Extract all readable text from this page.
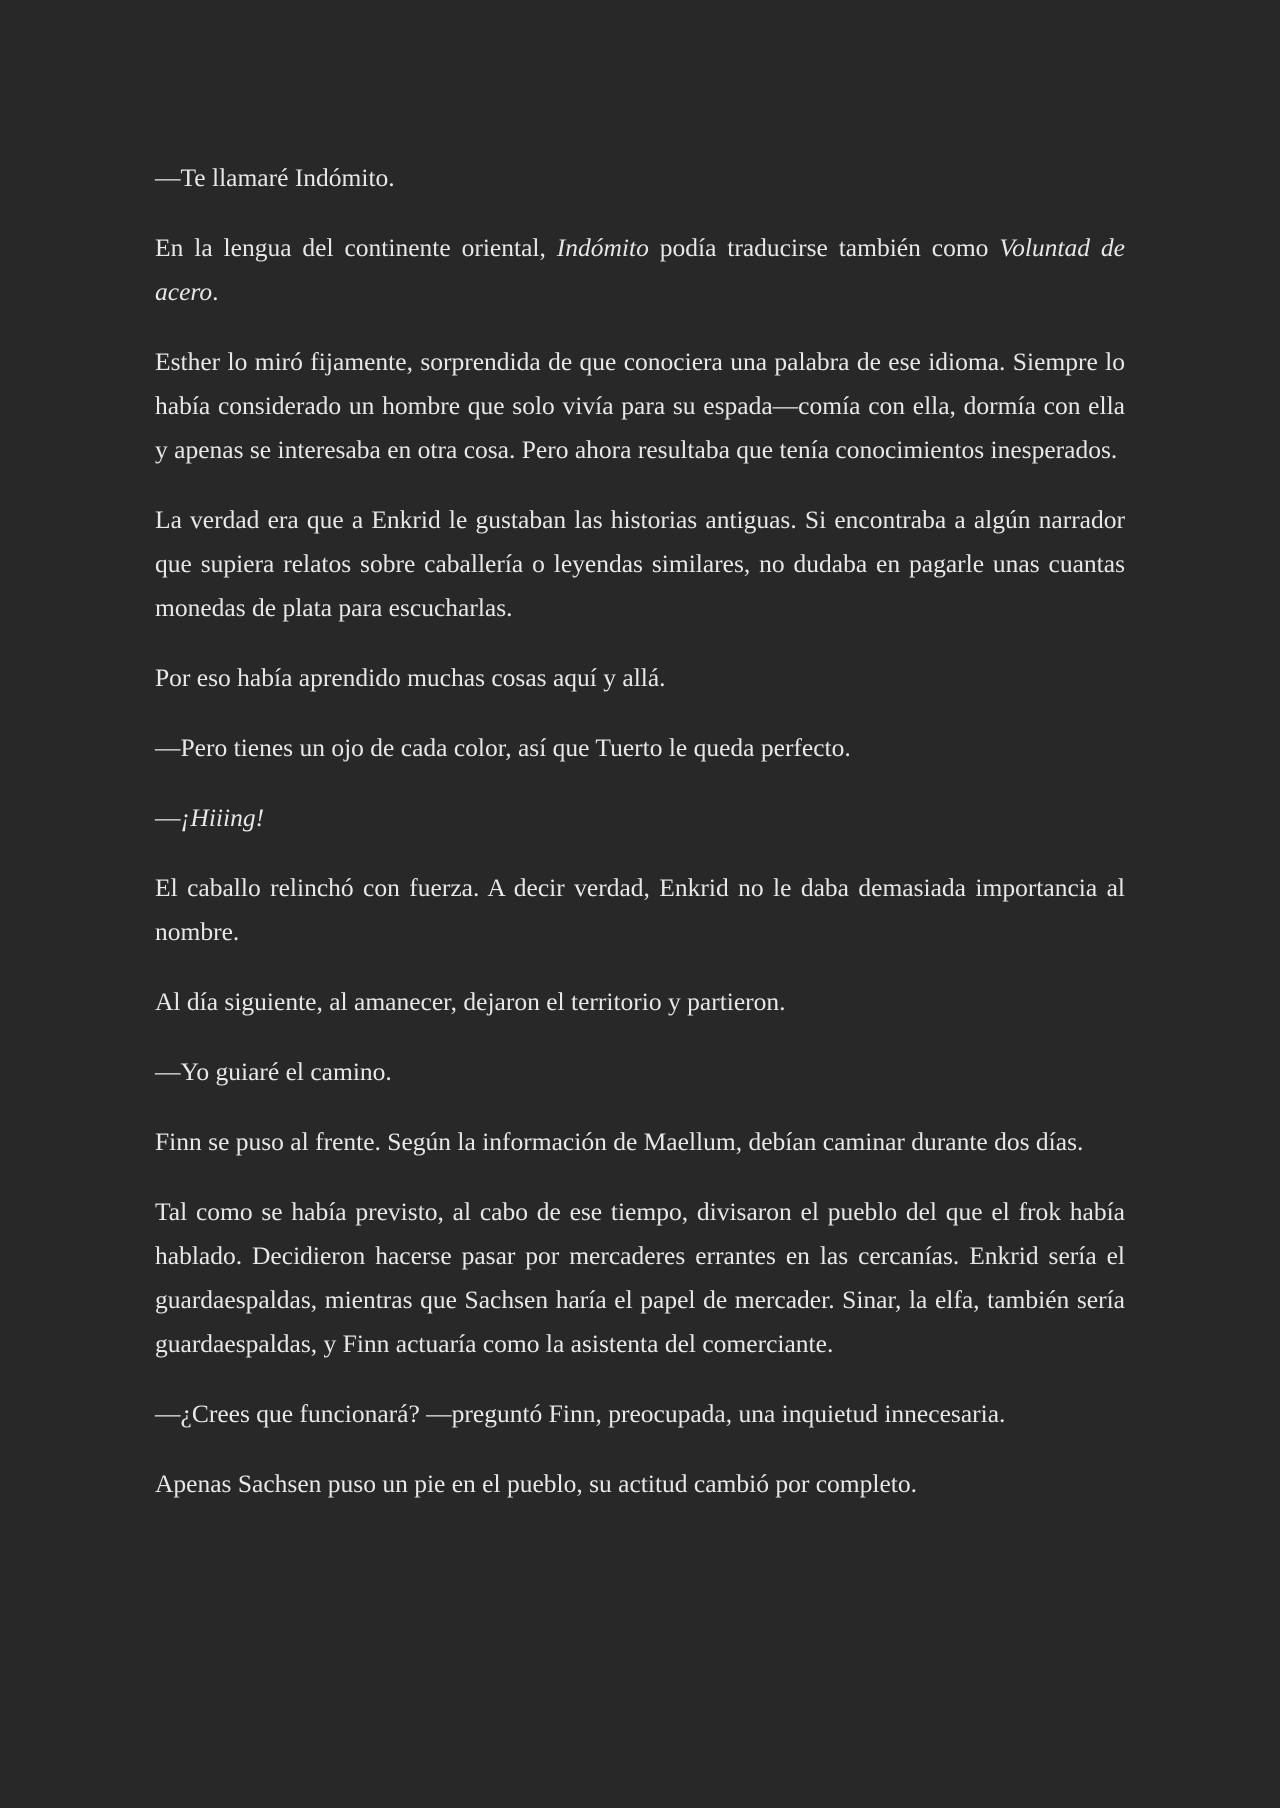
—Te llamaré Indómito.

En la lengua del continente oriental, Indómito podía traducirse también como Voluntad de acero.

Esther lo miró fijamente, sorprendida de que conociera una palabra de ese idioma. Siempre lo había considerado un hombre que solo vivía para su espada—comía con ella, dormía con ella y apenas se interesaba en otra cosa. Pero ahora resultaba que tenía conocimientos inesperados.

La verdad era que a Enkrid le gustaban las historias antiguas. Si encontraba a algún narrador que supiera relatos sobre caballería o leyendas similares, no dudaba en pagarle unas cuantas monedas de plata para escucharlas.

Por eso había aprendido muchas cosas aquí y allá.

—Pero tienes un ojo de cada color, así que Tuerto le queda perfecto.

—¡Hiiing!

El caballo relinchó con fuerza. A decir verdad, Enkrid no le daba demasiada importancia al nombre.

Al día siguiente, al amanecer, dejaron el territorio y partieron.

—Yo guiaré el camino.

Finn se puso al frente. Según la información de Maellum, debían caminar durante dos días.

Tal como se había previsto, al cabo de ese tiempo, divisaron el pueblo del que el frok había hablado. Decidieron hacerse pasar por mercaderes errantes en las cercanías. Enkrid sería el guardaespaldas, mientras que Sachsen haría el papel de mercader. Sinar, la elfa, también sería guardaespaldas, y Finn actuaría como la asistenta del comerciante.

—¿Crees que funcionará? —preguntó Finn, preocupada, una inquietud innecesaria.

Apenas Sachsen puso un pie en el pueblo, su actitud cambió por completo.
